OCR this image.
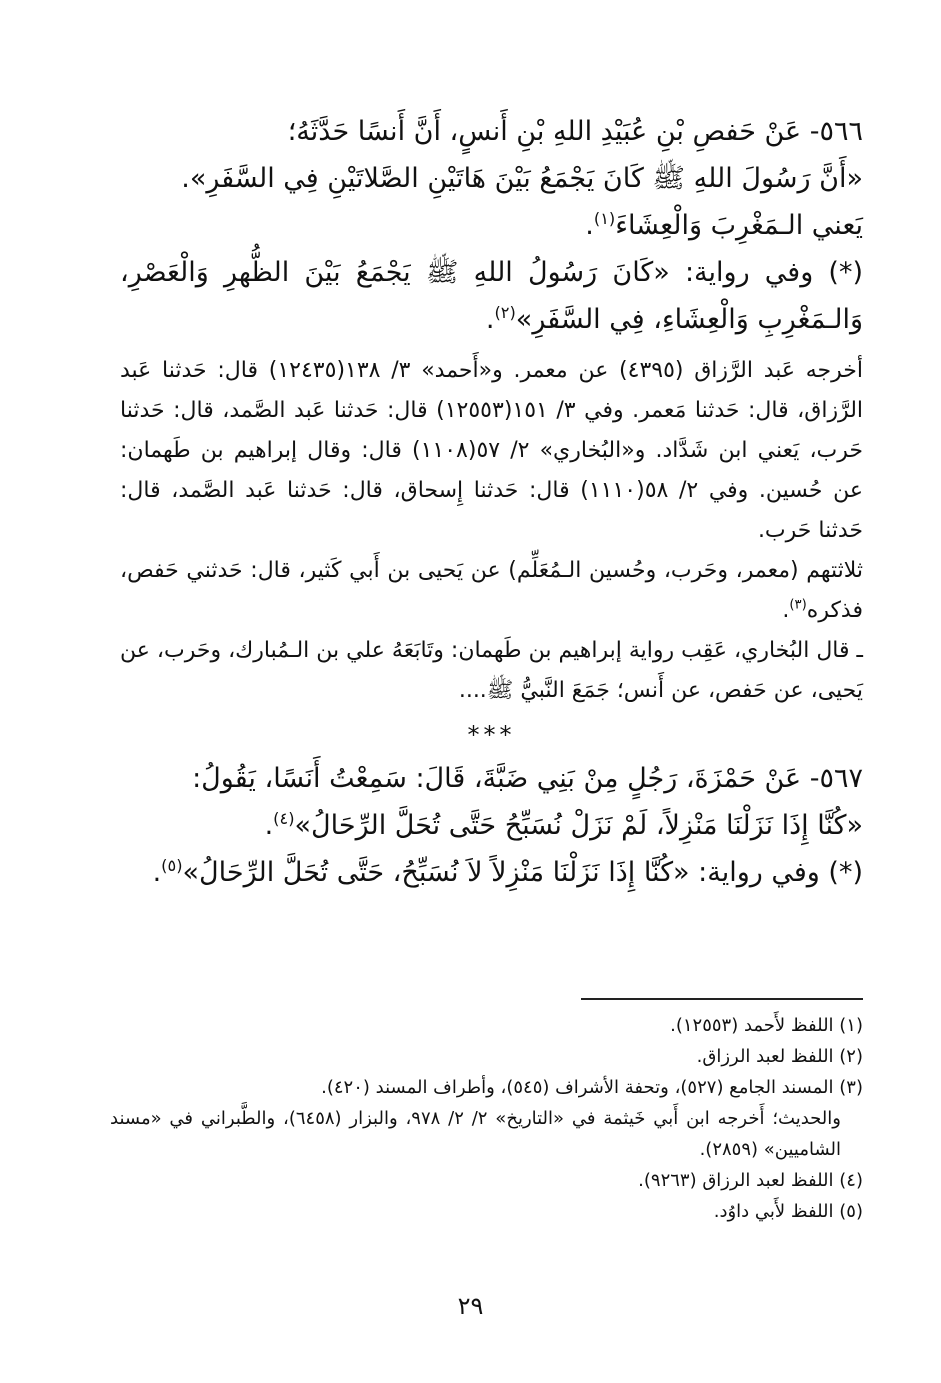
٥٦٦- عَنْ حَفصِ بْنِ عُبَيْدِ اللهِ بْنِ أَنسٍ، أَنَّ أَنسًا حَدَّثَهُ؛

«أَنَّ رَسُولَ اللهِ ﷺ كَانَ يَجْمَعُ بَيْنَ هَاتَيْنِ الصَّلاتَيْنِ فِي السَّفَرِ».

يَعني الـمَغْرِبَ وَالْعِشَاءَ$^{(١)}$.

(*) وفي رواية: «كَانَ رَسُولُ اللهِ ﷺ يَجْمَعُ بَيْنَ الظُّهرِ وَالْعَصْرِ، وَالـمَغْرِبِ وَالْعِشَاءِ، فِي السَّفَرِ»$^{(٢)}$.

أخرجه عَبد الرَّزاق (٤٣٩٥) عن معمر. و«أَحمد» ٣/ ١٣٨(١٢٤٣٥) قال: حَدثنا عَبد الرَّزاق، قال: حَدثنا مَعمر. وفي ٣/ ١٥١(١٢٥٥٣) قال: حَدثنا عَبد الصَّمد، قال: حَدثنا حَرب، يَعني ابن شَدَّاد. و«البُخاري» ٢/ ٥٧(١١٠٨) قال: وقال إبراهيم بن طَهمان: عن حُسين. وفي ٢/ ٥٨(١١١٠) قال: حَدثنا إِسحاق، قال: حَدثنا عَبد الصَّمد، قال: حَدثنا حَرب.

ثلاثتهم (معمر، وحَرب، وحُسين الـمُعَلِّم) عن يَحيى بن أَبي كَثير، قال: حَدثني حَفص، فذكره$^{(٣)}$.

ـ قال البُخاري، عَقِب رواية إبراهيم بن طَهمان: وتَابَعَهُ علي بن الـمُبارك، وحَرب، عن يَحيى، عن حَفص، عن أَنس؛ جَمَعَ النَّبيُّ ﷺ....

***

٥٦٧- عَنْ حَمْزَةَ، رَجُلٍ مِنْ بَنِي ضَبَّةَ، قَالَ: سَمِعْتُ أَنَسًا، يَقُولُ:

«كُنَّا إِذَا نَزَلْنَا مَنْزِلاً، لَمْ نَزَلْ نُسَبِّحُ حَتَّى تُحَلَّ الرِّحَالُ»$^{(٤)}$.

(*) وفي رواية: «كُنَّا إِذَا نَزَلْنَا مَنْزِلاً لاَ نُسَبِّحُ، حَتَّى تُحَلَّ الرِّحَالُ»$^{(٥)}$.

(١) اللفظ لأَحمد (١٢٥٥٣).

(٢) اللفظ لعبد الرزاق.

(٣) المسند الجامع (٥٢٧)، وتحفة الأشراف (٥٤٥)، وأطراف المسند (٤٢٠).

والحديث؛ أَخرجه ابن أَبي خَيثمة في «التاريخ» ٢/ ٢/ ٩٧٨، والبزار (٦٤٥٨)، والطَّبراني في «مسند الشاميين» (٢٨٥٩).

(٤) اللفظ لعبد الرزاق (٩٢٦٣).

(٥) اللفظ لأَبي داوُد.

٢٩
